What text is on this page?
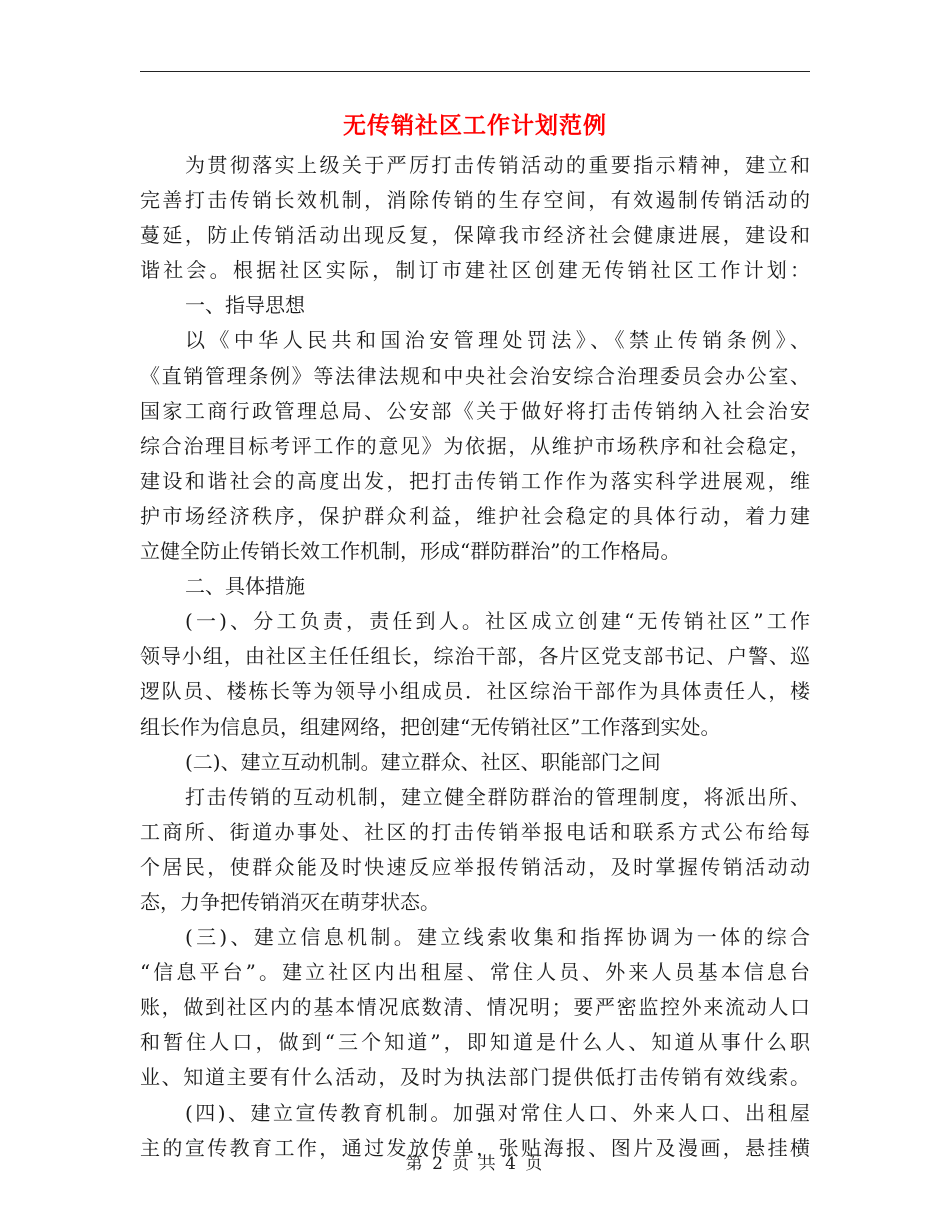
无传销社区工作计划范例
为贯彻落实上级关于严厉打击传销活动的重要指示精神，建立和
完善打击传销长效机制，消除传销的生存空间，有效遏制传销活动的
蔓延，防止传销活动出现反复，保障我市经济社会健康进展，建设和
谐社会。根据社区实际，制订市建社区创建无传销社区工作计划：
一、指导思想
以《中华人民共和国治安管理处罚法》、《禁止传销条例》、
《直销管理条例》等法律法规和中央社会治安综合治理委员会办公室、
国家工商行政管理总局、公安部《关于做好将打击传销纳入社会治安
综合治理目标考评工作的意见》为依据，从维护市场秩序和社会稳定，
建设和谐社会的高度出发，把打击传销工作作为落实科学进展观，维
护市场经济秩序，保护群众利益，维护社会稳定的具体行动，着力建
立健全防止传销长效工作机制，形成“群防群治”的工作格局。
二、具体措施
(一)、分工负责，责任到人。社区成立创建“无传销社区”工作
领导小组，由社区主任任组长，综治干部，各片区党支部书记、户警、巡
逻队员、楼栋长等为领导小组成员．社区综治干部作为具体责任人，楼
组长作为信息员，组建网络，把创建“无传销社区”工作落到实处。
(二)、建立互动机制。建立群众、社区、职能部门之间
打击传销的互动机制，建立健全群防群治的管理制度，将派出所、
工商所、街道办事处、社区的打击传销举报电话和联系方式公布给每
个居民，使群众能及时快速反应举报传销活动，及时掌握传销活动动
态，力争把传销消灭在萌芽状态。
(三)、建立信息机制。建立线索收集和指挥协调为一体的综合
“信息平台”。建立社区内出租屋、常住人员、外来人员基本信息台
账，做到社区内的基本情况底数清、情况明；要严密监控外来流动人口
和暂住人口，做到“三个知道”，即知道是什么人、知道从事什么职
业、知道主要有什么活动，及时为执法部门提供低打击传销有效线索。
(四)、建立宣传教育机制。加强对常住人口、外来人口、出租屋
主的宣传教育工作，通过发放传单，张贴海报、图片及漫画，悬挂横
第 2 页 共 4 页
